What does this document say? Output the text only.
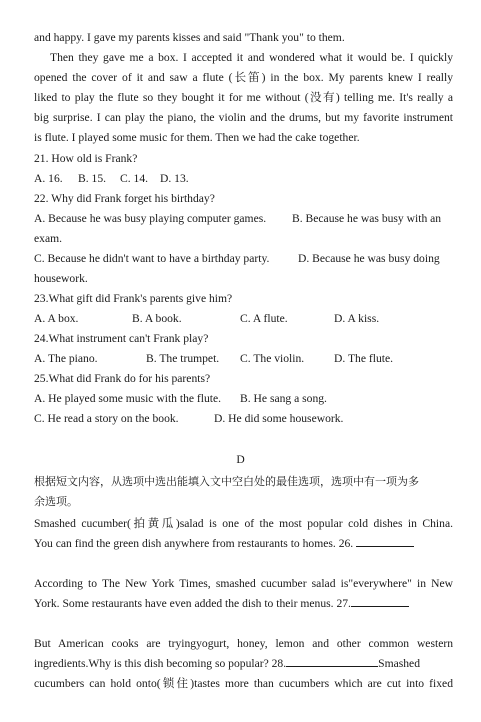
and happy. I gave my parents kisses and said "Thank you" to them.
Then they gave me a box. I accepted it and wondered what it would be. I quickly
opened the cover of it and saw a flute (长笛) in the box. My parents knew I really
liked to play the flute so they bought it for me without (没有) telling me. It's really a
big surprise. I can play the piano, the violin and the drums, but my favorite instrument
is flute. I played some music for them. Then we had the cake together.
21. How old is Frank?
A. 16. B. 15. C. 14. D. 13.
22. Why did Frank forget his birthday?
A. Because he was busy playing computer games. B. Because he was busy with an
exam.
C. Because he didn't want to have a birthday party. D. Because he was busy doing
housework.
23.What gift did Frank's parents give him?
A. A box.	B. A book.	C. A flute.	D. A kiss.
24.What instrument can't Frank play?
A. The piano.	B. The trumpet. C. The violin.	D. The flute.
25.What did Frank do for his parents?
A. He played some music with the flute. B. He sang a song.
C. He read a story on the book.	D. He did some housework.
D
根据短文内容，从选项中选出能填入文中空白处的最佳选项，选项中有一项为多
余选项。
Smashed cucumber(拍黄瓜)salad is one of the most popular cold dishes in China.
You can find the green dish anywhere from restaurants to homes. 26.
According to The New York Times, smashed cucumber salad is"everywhere" in New
York. Some restaurants have even added the dish to their menus. 27.
But American cooks are tryingyogurt, honey, lemon and other common western
ingredients.Why is this dish becoming so popular? 28.	Smashed
cucumbers can hold onto(锁住)tastes more than cucumbers which are cut into fixed
